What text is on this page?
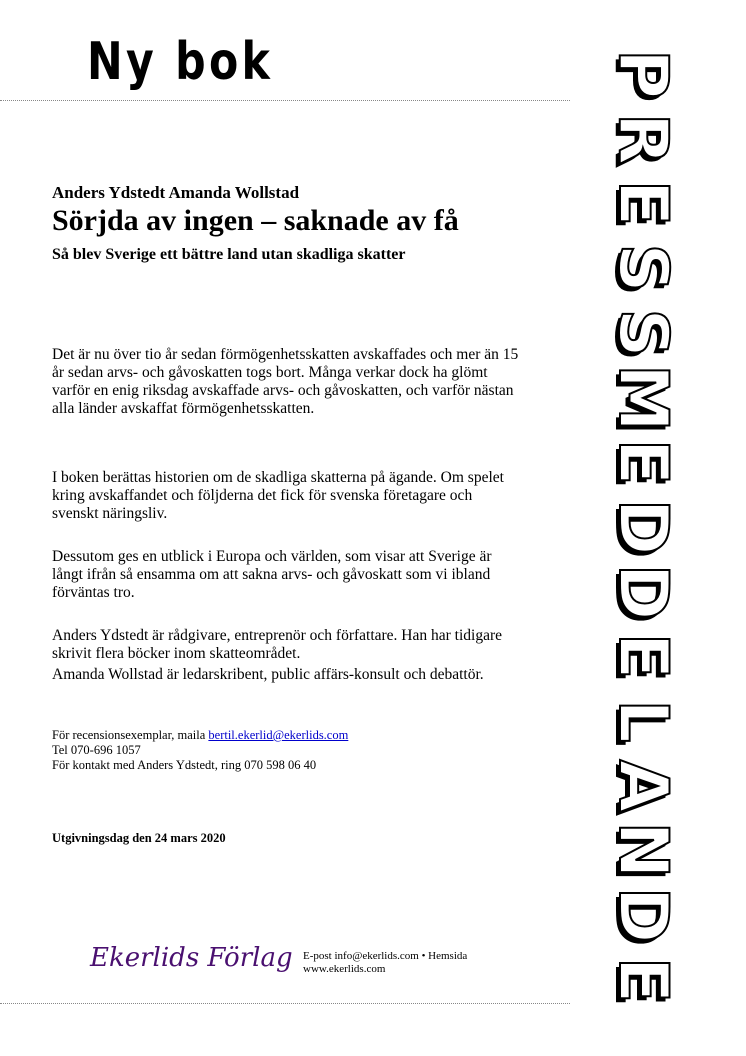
Ny bok
Anders Ydstedt Amanda Wollstad
Sörjda av ingen – saknade av få
Så blev Sverige ett bättre land utan skadliga skatter

Det är nu över tio år sedan förmögenhetsskatten avskaffades och mer än 15 år sedan arvs- och gåvoskatten togs bort. Många verkar dock ha glömt varför en enig riksdag avskaffade arvs- och gåvoskatten, och varför nästan alla länder avskaffat förmögenhetsskatten.

I boken berättas historien om de skadliga skatterna på ägande. Om spelet kring avskaffandet och följderna det fick för svenska företagare och svenskt näringsliv.

Dessutom ges en utblick i Europa och världen, som visar att Sverige är långt ifrån så ensamma om att sakna arvs- och gåvoskatt som vi ibland förväntas tro.

Anders Ydstedt är rådgivare, entreprenör och författare. Han har tidigare skrivit flera böcker inom skatteområdet.

Amanda Wollstad är ledarskribent, public affärs-konsult och debattör.

För recensionsexemplar, maila bertil.ekerlid@ekerlids.com
Tel 070-696 1057
För kontakt med Anders Ydstedt, ring 070 598 06 40
Utgivningsdag den 24 mars 2020
Ekerlids Förlag E-post info@ekerlids.com • Hemsida www.ekerlids.com
P
R
E
S
S
M
E
D
D
E
L
A
N
D
E
